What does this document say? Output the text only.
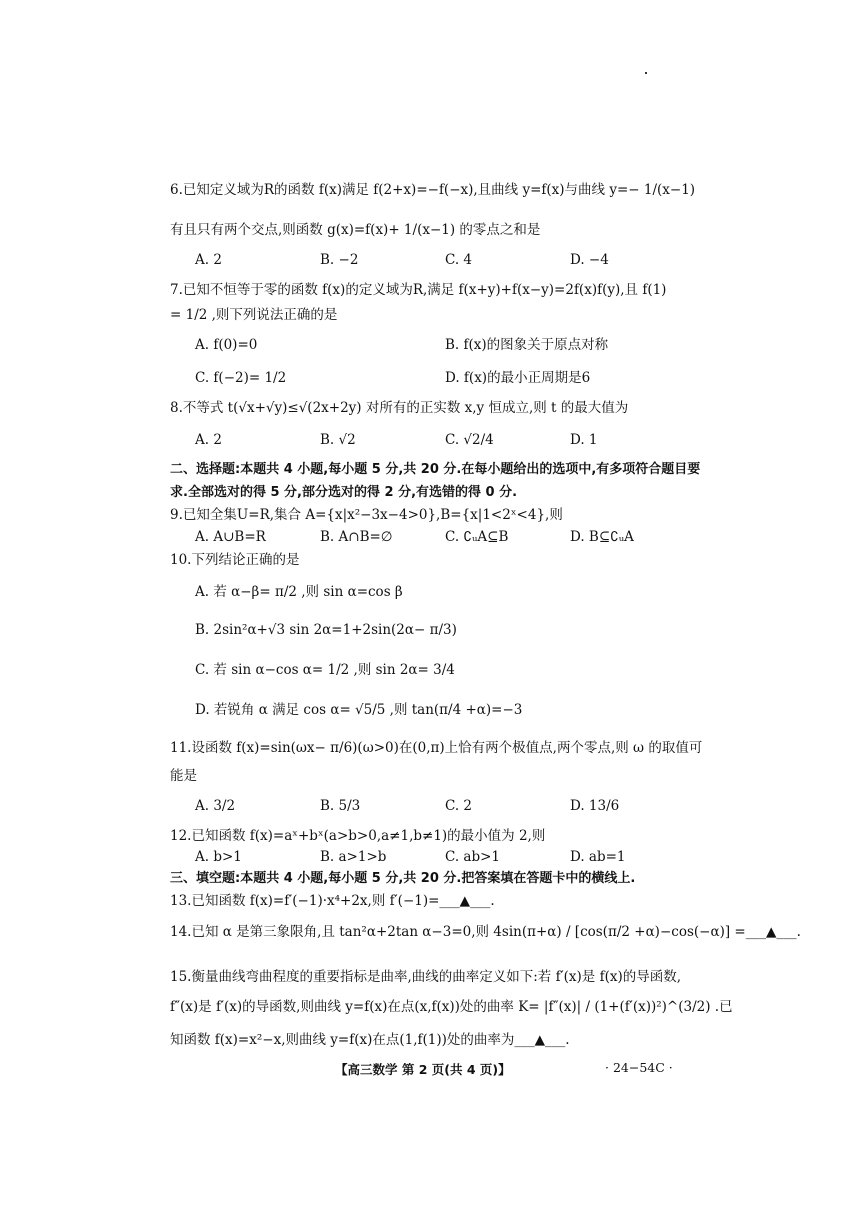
6.已知定义域为R的函数 f(x)满足 f(2+x)=−f(−x),且曲线 y=f(x)与曲线 y=− 1/(x−1)
有且只有两个交点,则函数 g(x)=f(x)+ 1/(x−1) 的零点之和是
A. 2	B. −2	C. 4	D. −4
7.已知不恒等于零的函数 f(x)的定义域为R,满足 f(x+y)+f(x−y)=2f(x)f(y),且 f(1)
= 1/2 ,则下列说法正确的是
A. f(0)=0	B. f(x)的图象关于原点对称
C. f(−2)= 1/2	D. f(x)的最小正周期是6
8.不等式 t(√x+√y)≤√(2x+2y) 对所有的正实数 x,y 恒成立,则 t 的最大值为
A. 2	B. √2	C. √2/4	D. 1
二、选择题:本题共 4 小题,每小题 5 分,共 20 分.在每小题给出的选项中,有多项符合题目要
求.全部选对的得 5 分,部分选对的得 2 分,有选错的得 0 分.
9.已知全集U=R,集合 A={x|x²−3x−4>0},B={x|1<2ˣ<4},则
A. A∪B=R	B. A∩B=∅	C. ∁ᵤA⊆B	D. B⊆∁ᵤA
10.下列结论正确的是
A. 若 α−β= π/2 ,则 sin α=cos β
B. 2sin²α+√3 sin 2α=1+2sin(2α− π/3)
C. 若 sin α−cos α= 1/2 ,则 sin 2α= 3/4
D. 若锐角 α 满足 cos α= √5/5 ,则 tan(π/4 +α)=−3
11.设函数 f(x)=sin(ωx− π/6)(ω>0)在(0,π)上恰有两个极值点,两个零点,则 ω 的取值可
能是
A. 3/2	B. 5/3	C. 2	D. 13/6
12.已知函数 f(x)=aˣ+bˣ(a>b>0,a≠1,b≠1)的最小值为 2,则
A. b>1	B. a>1>b	C. ab>1	D. ab=1
三、填空题:本题共 4 小题,每小题 5 分,共 20 分.把答案填在答题卡中的横线上.
13.已知函数 f(x)=f′(−1)·x⁴+2x,则 f′(−1)=___▲___.
14.已知 α 是第三象限角,且 tan²α+2tan α−3=0,则 4sin(π+α) / [cos(π/2 +α)−cos(−α)] =___▲___.
15.衡量曲线弯曲程度的重要指标是曲率,曲线的曲率定义如下:若 f′(x)是 f(x)的导函数,
f″(x)是 f′(x)的导函数,则曲线 y=f(x)在点(x,f(x))处的曲率 K= |f″(x)| / (1+(f′(x))²)^(3/2) .已
知函数 f(x)=x²−x,则曲线 y=f(x)在点(1,f(1))处的曲率为___▲___.
【高三数学 第 2 页(共 4 页)】	· 24−54C ·
